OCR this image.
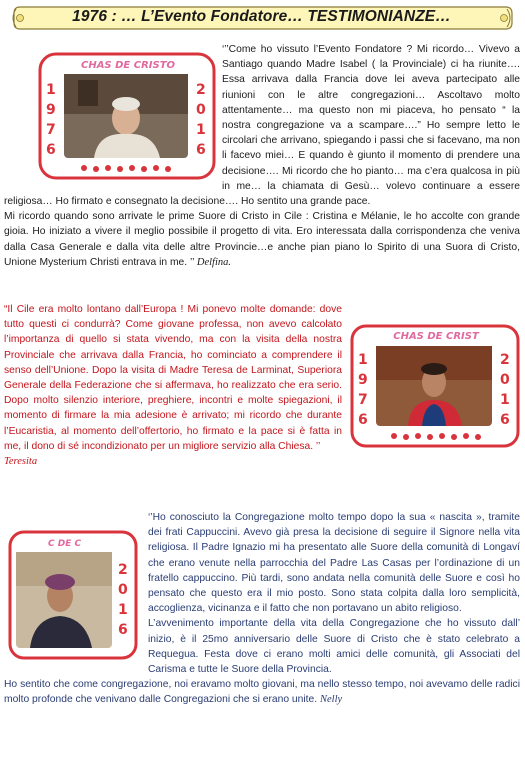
1976 : … L’Evento Fondatore… TESTIMONIANZE…
CHAS DE CRISTO
1
9
7
6
2
0
1
6

‘’’Come ho vissuto l’Evento Fondatore ? Mi ricordo… Vivevo a Santiago quando Madre Isabel ( la Provinciale) ci ha riunite…. Essa arrivava dalla Francia dove lei aveva partecipato alle riunioni con le altre congregazioni… Ascoltavo molto attentamente… ma questo non mi piaceva, ho pensato “ la nostra congregazione va a scampare….” Ho sempre letto le circolari che arrivano, spiegando i passi che si facevano, ma non li facevo miei… E quando è giunto il momento di prendere una decisione…. Mi ricordo che ho pianto… ma c’era qualcosa in più in me… la chiamata di Gesù… volevo continuare a essere religiosa… Ho firmato e consegnato la decisione…. Ho sentito una grande pace.

Mi ricordo quando sono arrivate le prime Suore di Cristo in Cile : Cristina e Mélanie, le ho accolte con grande gioia. Ho iniziato a vivere il meglio possibile il progetto di vita. Ero interessata dalla corrispondenza che veniva dalla Casa Generale e dalla vita delle altre Provincie…e anche pian piano lo Spirito di una Suora di Cristo, Unione Mysterium Christi entrava in me. ’’ Delfina.

CHAS DE CRIST
1
9
7
6
2
0
1
6

“Il Cile era molto lontano dall’Europa ! Mi ponevo molte domande: dove tutto questi ci condurrà? Come giovane professa, non avevo calcolato l’importanza di quello si stata vivendo, ma con la visita della nostra Provinciale che arrivava dalla Francia, ho cominciato a comprendere il senso dell’Unione. Dopo la visita di Madre Teresa de Larminat, Superiora Generale della Federazione che si affermava, ho realizzato che era serio. Dopo molto silenzio interiore, preghiere, incontri e molte spiegazioni, il momento di firmare la mia adesione è arrivato; mi ricordo che durante l’Eucaristia, al momento dell’offertorio, ho firmato e la pace si è fatta in me, il dono di sé incondizionato per un migliore servizio alla Chiesa. ’’

Teresita

C DE C
2
0
1
6

‘’Ho conosciuto la Congregazione molto tempo dopo la sua « nascita », tramite dei frati Cappuccini. Avevo già presa la decisione di seguire il Signore nella vita religiosa. Il Padre Ignazio mi ha presentato alle Suore della comunità di Longaví che erano venute nella parrocchia del Padre Las Casas per l’ordinazione di un fratello cappuccino. Più tardi, sono andata nella comunità delle Suore e così ho pensato che questo era il mio posto. Sono stata colpita dalla loro semplicità, accoglienza, vicinanza e il fatto che non portavano un abito religioso.

L’avvenimento importante della vita della Congregazione che ho vissuto dall’ inizio, è il 25mo anniversario delle Suore di Cristo che è stato celebrato a Requegua. Festa dove ci erano molti amici delle comunità, gli Associati del Carisma e tutte le Suore della Provincia.

Ho sentito che come congregazione, noi eravamo molto giovani, ma nello stesso tempo, noi avevamo delle radici molto profonde che venivano dalle Congregazioni che si erano unite. Nelly
